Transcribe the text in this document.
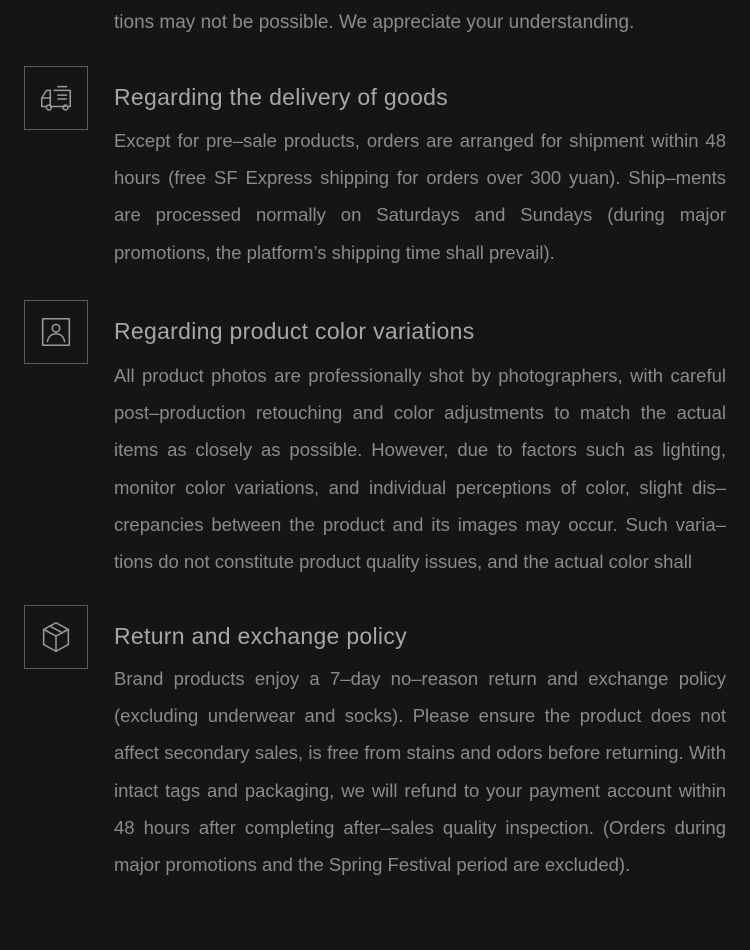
tions may not be possible. We appreciate your understanding.

Regarding the delivery of goods

Except for pre–sale products, orders are arranged for shipment within 48 hours (free SF Express shipping for orders over 300 yuan). Ship–ments are processed normally on Saturdays and Sundays (during major promotions, the platform’s shipping time shall prevail).

Regarding product color variations

All product photos are professionally shot by photographers, with careful post–production retouching and color adjustments to match the actual items as closely as possible. However, due to factors such as lighting, monitor color variations, and individual perceptions of color, slight dis–crepancies between the product and its images may occur. Such varia–tions do not constitute product quality issues, and the actual color shall

Return and exchange policy

Brand products enjoy a 7–day no–reason return and exchange policy (excluding underwear and socks). Please ensure the product does not affect secondary sales, is free from stains and odors before returning. With intact tags and packaging, we will refund to your payment account within 48 hours after completing after–sales quality inspection. (Orders during major promotions and the Spring Festival period are excluded).
